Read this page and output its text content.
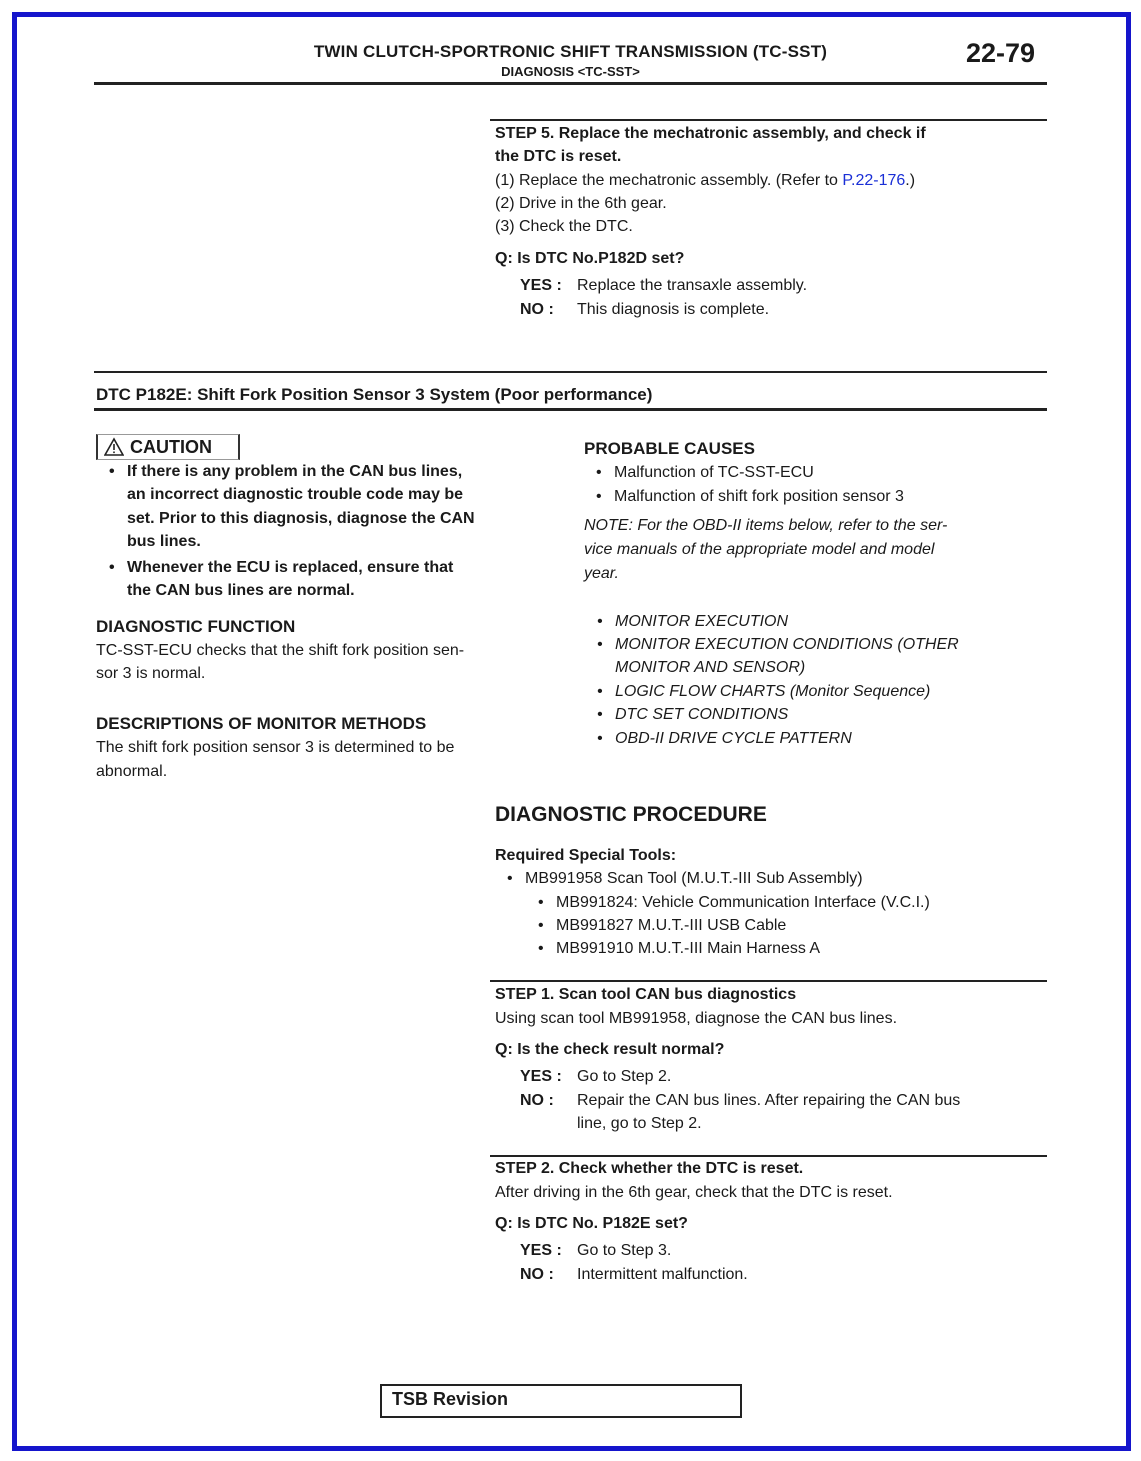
TWIN CLUTCH-SPORTRONIC SHIFT TRANSMISSION (TC-SST)
DIAGNOSIS <TC-SST>
22-79
STEP 5. Replace the mechatronic assembly, and check if
the DTC is reset.
(1) Replace the mechatronic assembly. (Refer to P.22-176.)
(2) Drive in the 6th gear.
(3) Check the DTC.
Q: Is DTC No.P182D set?
YES : Replace the transaxle assembly.
NO : This diagnosis is complete.
DTC P182E: Shift Fork Position Sensor 3 System (Poor performance)
CAUTION
• If there is any problem in the CAN bus lines,
an incorrect diagnostic trouble code may be
set. Prior to this diagnosis, diagnose the CAN
bus lines.
• Whenever the ECU is replaced, ensure that
the CAN bus lines are normal.
DIAGNOSTIC FUNCTION
TC-SST-ECU checks that the shift fork position sen-
sor 3 is normal.
DESCRIPTIONS OF MONITOR METHODS
The shift fork position sensor 3 is determined to be
abnormal.
PROBABLE CAUSES
• Malfunction of TC-SST-ECU
• Malfunction of shift fork position sensor 3
NOTE: For the OBD-II items below, refer to the ser-
vice manuals of the appropriate model and model
year.
• MONITOR EXECUTION
• MONITOR EXECUTION CONDITIONS (OTHER
MONITOR AND SENSOR)
• LOGIC FLOW CHARTS (Monitor Sequence)
• DTC SET CONDITIONS
• OBD-II DRIVE CYCLE PATTERN
DIAGNOSTIC PROCEDURE
Required Special Tools:
• MB991958 Scan Tool (M.U.T.-III Sub Assembly)
• MB991824: Vehicle Communication Interface (V.C.I.)
• MB991827 M.U.T.-III USB Cable
• MB991910 M.U.T.-III Main Harness A
STEP 1. Scan tool CAN bus diagnostics
Using scan tool MB991958, diagnose the CAN bus lines.
Q: Is the check result normal?
YES : Go to Step 2.
NO : Repair the CAN bus lines. After repairing the CAN bus
line, go to Step 2.
STEP 2. Check whether the DTC is reset.
After driving in the 6th gear, check that the DTC is reset.
Q: Is DTC No. P182E set?
YES : Go to Step 3.
NO : Intermittent malfunction.
TSB Revision
